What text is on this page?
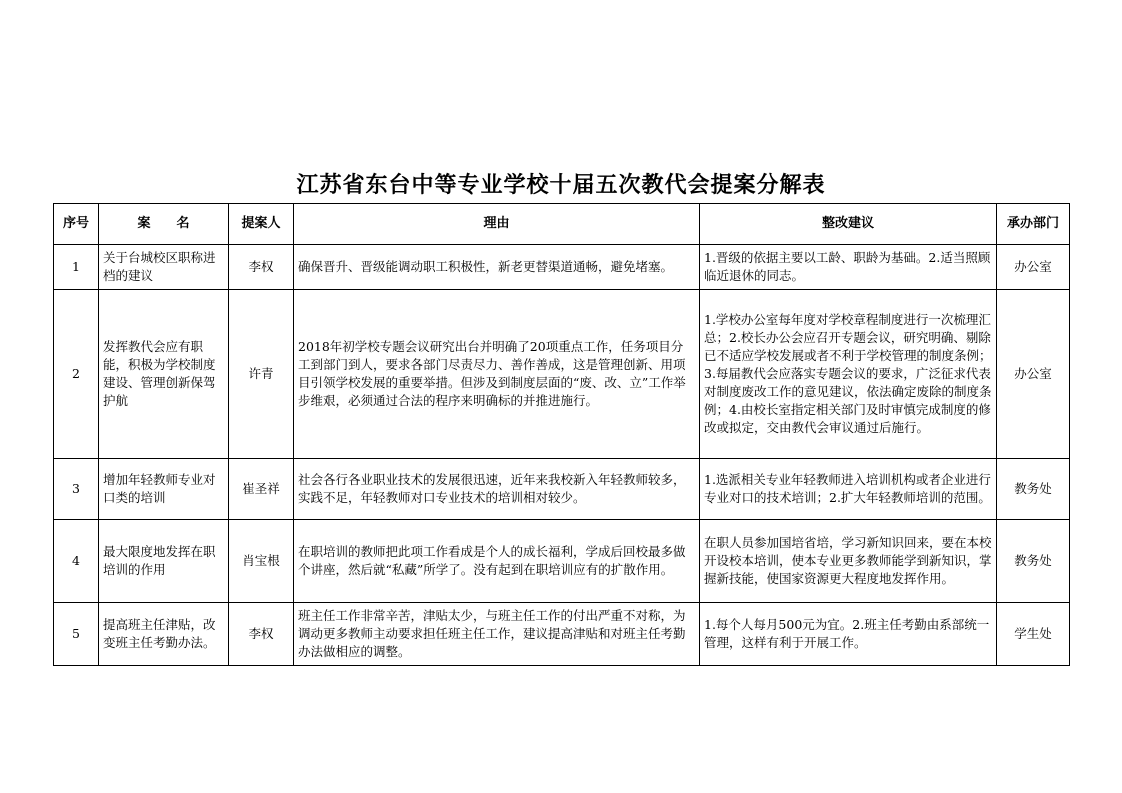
江苏省东台中等专业学校十届五次教代会提案分解表
序号	案　　名	提案人	理由	整改建议	承办部门
1	关于台城校区职称进档的建议	李权	确保晋升、晋级能调动职工积极性，新老更替渠道通畅，避免堵塞。	1.晋级的依据主要以工龄、职龄为基础。2.适当照顾临近退休的同志。	办公室
2	发挥教代会应有职能，积极为学校制度建设、管理创新保驾护航	许青	2018年初学校专题会议研究出台并明确了20项重点工作，任务项目分工到部门到人，要求各部门尽责尽力、善作善成，这是管理创新、用项目引领学校发展的重要举措。但涉及到制度层面的“废、改、立”工作举步维艰，必须通过合法的程序来明确标的并推进施行。	1.学校办公室每年度对学校章程制度进行一次梳理汇总；2.校长办公会应召开专题会议，研究明确、剔除已不适应学校发展或者不利于学校管理的制度条例；3.每届教代会应落实专题会议的要求，广泛征求代表对制度废改工作的意见建议，依法确定废除的制度条例；4.由校长室指定相关部门及时审慎完成制度的修改或拟定，交由教代会审议通过后施行。	办公室
3	增加年轻教师专业对口类的培训	崔圣祥	社会各行各业职业技术的发展很迅速，近年来我校新入年轻教师较多，实践不足，年轻教师对口专业技术的培训相对较少。	1.选派相关专业年轻教师进入培训机构或者企业进行专业对口的技术培训；2.扩大年轻教师培训的范围。	教务处
4	最大限度地发挥在职培训的作用	肖宝根	在职培训的教师把此项工作看成是个人的成长福利，学成后回校最多做个讲座，然后就“私藏”所学了。没有起到在职培训应有的扩散作用。	在职人员参加国培省培，学习新知识回来，要在本校开设校本培训，使本专业更多教师能学到新知识，掌握新技能，使国家资源更大程度地发挥作用。	教务处
5	提高班主任津贴，改变班主任考勤办法。	李权	班主任工作非常辛苦，津贴太少，与班主任工作的付出严重不对称，为调动更多教师主动要求担任班主任工作，建议提高津贴和对班主任考勤办法做相应的调整。	1.每个人每月500元为宜。2.班主任考勤由系部统一管理，这样有利于开展工作。	学生处
